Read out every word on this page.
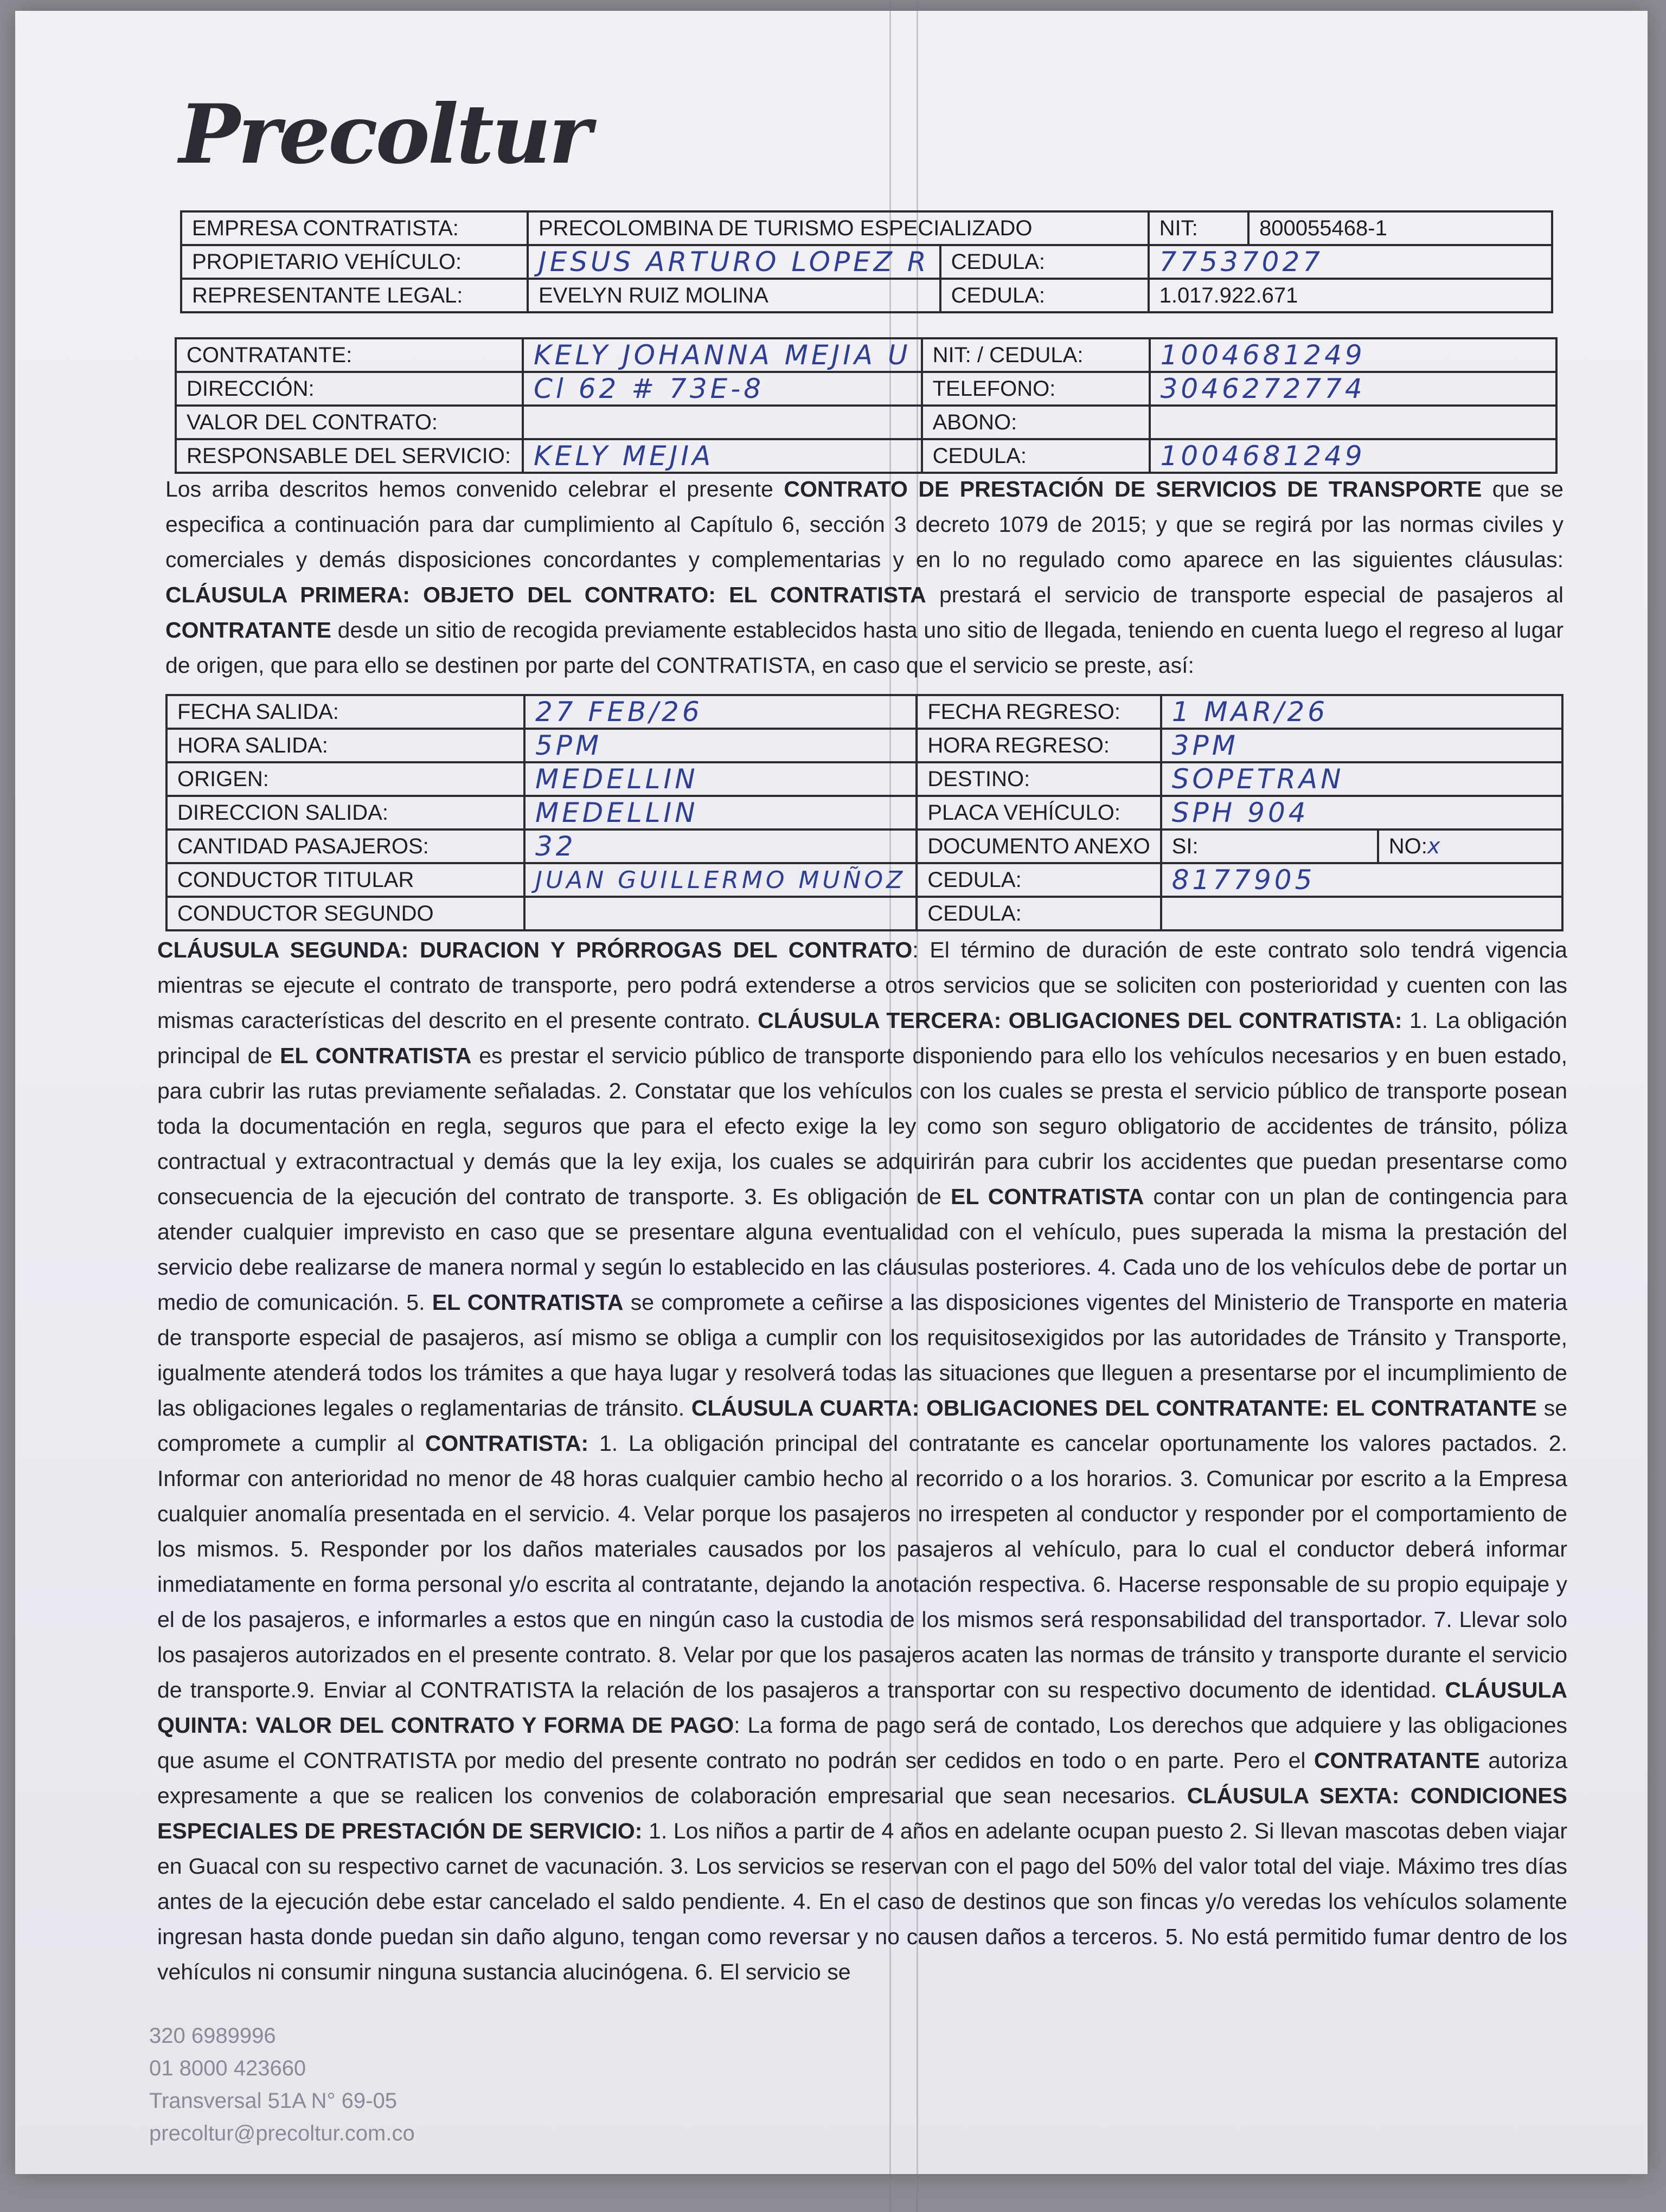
Precoltur
EMPRESA CONTRATISTA:	PRECOLOMBINA DE TURISMO ESPECIALIZADO		NIT:	800055468-1
PROPIETARIO VEHÍCULO:	JESUS ARTURO LOPEZ R	CEDULA:	77537027	
REPRESENTANTE LEGAL:	EVELYN RUIZ MOLINA	CEDULA:	1.017.922.671	
CONTRATANTE:	KELY JOHANNA MEJIA U	NIT: / CEDULA:	1004681249
DIRECCIÓN:	Cl 62 # 73E-8	TELEFONO:	3046272774
VALOR DEL CONTRATO:		ABONO:	
RESPONSABLE DEL SERVICIO:	KELY MEJIA	CEDULA:	1004681249

Los arriba descritos hemos convenido celebrar el presente CONTRATO DE PRESTACIÓN DE SERVICIOS DE TRANSPORTE que se especifica a continuación para dar cumplimiento al Capítulo 6, sección 3 decreto 1079 de 2015; y que se regirá por las normas civiles y comerciales y demás disposiciones concordantes y complementarias y en lo no regulado como aparece en las siguientes cláusulas: CLÁUSULA PRIMERA: OBJETO DEL CONTRATO: EL CONTRATISTA prestará el servicio de transporte especial de pasajeros al CONTRATANTE desde un sitio de recogida previamente establecidos hasta uno sitio de llegada, teniendo en cuenta luego el regreso al lugar de origen, que para ello se destinen por parte del CONTRATISTA, en caso que el servicio se preste, así:

FECHA SALIDA:	27 FEB/26	FECHA REGRESO:	1 MAR/26	
HORA SALIDA:	5PM	HORA REGRESO:	3PM	
ORIGEN:	MEDELLIN	DESTINO:	SOPETRAN	
DIRECCION SALIDA:	MEDELLIN	PLACA VEHÍCULO:	SPH 904	
CANTIDAD PASAJEROS:	32	DOCUMENTO ANEXO	SI:	NO:x
CONDUCTOR TITULAR	JUAN GUILLERMO MUÑOZ	CEDULA:	8177905	
CONDUCTOR SEGUNDO		CEDULA:		

CLÁUSULA SEGUNDA: DURACION Y PRÓRROGAS DEL CONTRATO: El término de duración de este contrato solo tendrá vigencia mientras se ejecute el contrato de transporte, pero podrá extenderse a otros servicios que se soliciten con posterioridad y cuenten con las mismas características del descrito en el presente contrato. CLÁUSULA TERCERA: OBLIGACIONES DEL CONTRATISTA: 1. La obligación principal de EL CONTRATISTA es prestar el servicio público de transporte disponiendo para ello los vehículos necesarios y en buen estado, para cubrir las rutas previamente señaladas. 2. Constatar que los vehículos con los cuales se presta el servicio público de transporte posean toda la documentación en regla, seguros que para el efecto exige la ley como son seguro obligatorio de accidentes de tránsito, póliza contractual y extracontractual y demás que la ley exija, los cuales se adquirirán para cubrir los accidentes que puedan presentarse como consecuencia de la ejecución del contrato de transporte. 3. Es obligación de EL CONTRATISTA contar con un plan de contingencia para atender cualquier imprevisto en caso que se presentare alguna eventualidad con el vehículo, pues superada la misma la prestación del servicio debe realizarse de manera normal y según lo establecido en las cláusulas posteriores. 4. Cada uno de los vehículos debe de portar un medio de comunicación. 5. EL CONTRATISTA se compromete a ceñirse a las disposiciones vigentes del Ministerio de Transporte en materia de transporte especial de pasajeros, así mismo se obliga a cumplir con los requisitosexigidos por las autoridades de Tránsito y Transporte, igualmente atenderá todos los trámites a que haya lugar y resolverá todas las situaciones que lleguen a presentarse por el incumplimiento de las obligaciones legales o reglamentarias de tránsito. CLÁUSULA CUARTA: OBLIGACIONES DEL CONTRATANTE: EL CONTRATANTE se compromete a cumplir al CONTRATISTA: 1. La obligación principal del contratante es cancelar oportunamente los valores pactados. 2. Informar con anterioridad no menor de 48 horas cualquier cambio hecho al recorrido o a los horarios. 3. Comunicar por escrito a la Empresa cualquier anomalía presentada en el servicio. 4. Velar porque los pasajeros no irrespeten al conductor y responder por el comportamiento de los mismos. 5. Responder por los daños materiales causados por los pasajeros al vehículo, para lo cual el conductor deberá informar inmediatamente en forma personal y/o escrita al contratante, dejando la anotación respectiva. 6. Hacerse responsable de su propio equipaje y el de los pasajeros, e informarles a estos que en ningún caso la custodia de los mismos será responsabilidad del transportador. 7. Llevar solo los pasajeros autorizados en el presente contrato. 8. Velar por que los pasajeros acaten las normas de tránsito y transporte durante el servicio de transporte.9. Enviar al CONTRATISTA la relación de los pasajeros a transportar con su respectivo documento de identidad. CLÁUSULA QUINTA: VALOR DEL CONTRATO Y FORMA DE PAGO: La forma de pago será de contado, Los derechos que adquiere y las obligaciones que asume el CONTRATISTA por medio del presente contrato no podrán ser cedidos en todo o en parte. Pero el CONTRATANTE autoriza expresamente a que se realicen los convenios de colaboración empresarial que sean necesarios. CLÁUSULA SEXTA: CONDICIONES ESPECIALES DE PRESTACIÓN DE SERVICIO: 1. Los niños a partir de 4 años en adelante ocupan puesto 2. Si llevan mascotas deben viajar en Guacal con su respectivo carnet de vacunación. 3. Los servicios se reservan con el pago del 50% del valor total del viaje. Máximo tres días antes de la ejecución debe estar cancelado el saldo pendiente. 4. En el caso de destinos que son fincas y/o veredas los vehículos solamente ingresan hasta donde puedan sin daño alguno, tengan como reversar y no causen daños a terceros. 5. No está permitido fumar dentro de los vehículos ni consumir ninguna sustancia alucinógena. 6. El servicio se

320 6989996
01 8000 423660
Transversal 51A N° 69-05
precoltur@precoltur.com.co
